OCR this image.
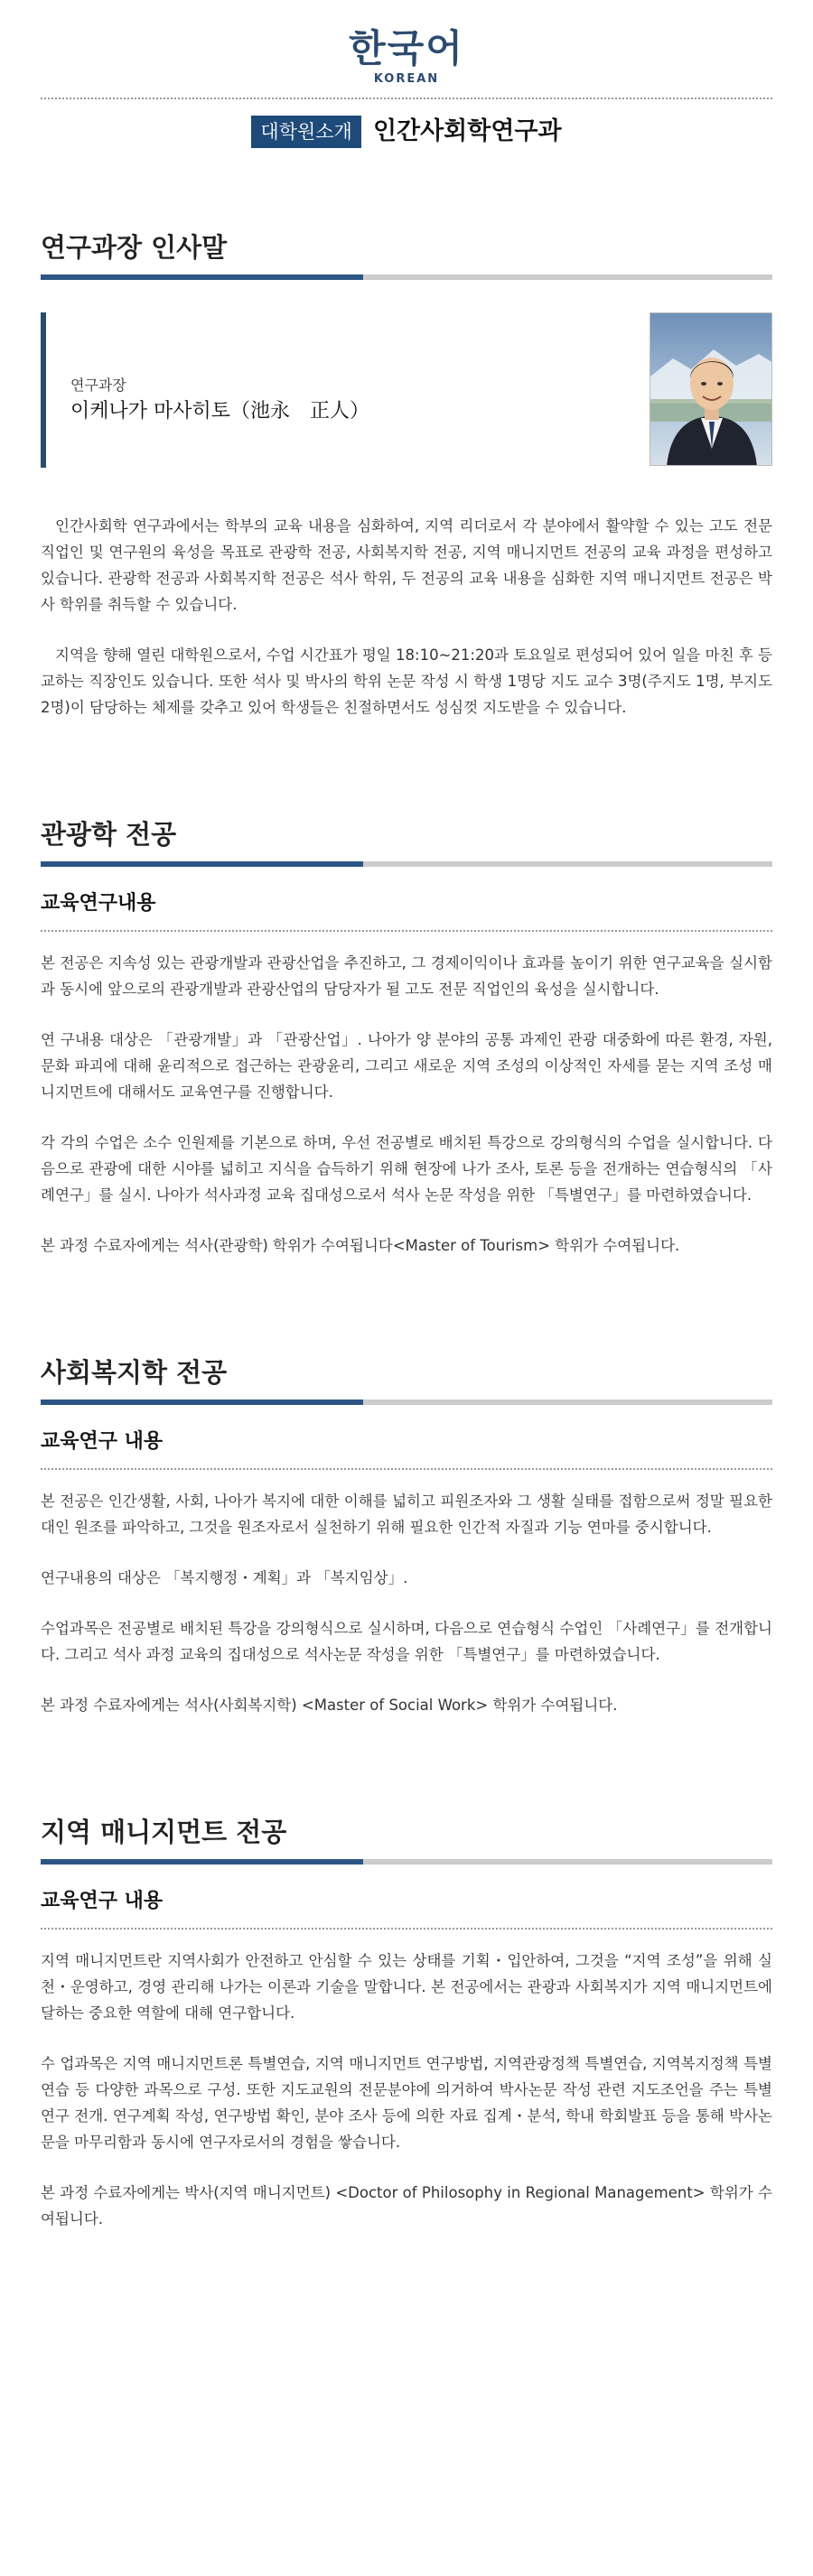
한국어
KOREAN
대학원소개 인간사회학연구과
연구과장 인사말
연구과장
이케나가 마사히토（池永　正人）

인간사회학 연구과에서는 학부의 교육 내용을 심화하여, 지역 리더로서 각 분야에서 활약할 수 있는 고도 전문 직업인 및 연구원의 육성을 목표로 관광학 전공, 사회복지학 전공, 지역 매니지먼트 전공의 교육 과정을 편성하고 있습니다. 관광학 전공과 사회복지학 전공은 석사 학위, 두 전공의 교육 내용을 심화한 지역 매니지먼트 전공은 박사 학위를 취득할 수 있습니다.

지역을 향해 열린 대학원으로서, 수업 시간표가 평일 18:10~21:20과 토요일로 편성되어 있어 일을 마친 후 등교하는 직장인도 있습니다. 또한 석사 및 박사의 학위 논문 작성 시 학생 1명당 지도 교수 3명(주지도 1명, 부지도 2명)이 담당하는 체제를 갖추고 있어 학생들은 친절하면서도 성심껏 지도받을 수 있습니다.

관광학 전공
교육연구내용

본 전공은 지속성 있는 관광개발과 관광산업을 추진하고, 그 경제이익이나 효과를 높이기 위한 연구교육을 실시함과 동시에 앞으로의 관광개발과 관광산업의 담당자가 될 고도 전문 직업인의 육성을 실시합니다.

연 구내용 대상은 「관광개발」과 「관광산업」. 나아가 양 분야의 공통 과제인 관광 대중화에 따른 환경, 자원, 문화 파괴에 대해 윤리적으로 접근하는 관광윤리, 그리고 새로운 지역 조성의 이상적인 자세를 묻는 지역 조성 매니지먼트에 대해서도 교육연구를 진행합니다.

각 각의 수업은 소수 인원제를 기본으로 하며, 우선 전공별로 배치된 특강으로 강의형식의 수업을 실시합니다. 다음으로 관광에 대한 시야를 넓히고 지식을 습득하기 위해 현장에 나가 조사, 토론 등을 전개하는 연습형식의 「사례연구」를 실시. 나아가 석사과정 교육 집대성으로서 석사 논문 작성을 위한 「특별연구」를 마련하였습니다.

본 과정 수료자에게는 석사(관광학) 학위가 수여됩니다<Master of Tourism> 학위가 수여됩니다.

사회복지학 전공
교육연구 내용

본 전공은 인간생활, 사회, 나아가 복지에 대한 이해를 넓히고 피원조자와 그 생활 실태를 접함으로써 정말 필요한 대인 원조를 파악하고, 그것을 원조자로서 실천하기 위해 필요한 인간적 자질과 기능 연마를 중시합니다.

연구내용의 대상은 「복지행정・계획」과 「복지임상」.

수업과목은 전공별로 배치된 특강을 강의형식으로 실시하며, 다음으로 연습형식 수업인 「사례연구」를 전개합니다. 그리고 석사 과정 교육의 집대성으로 석사논문 작성을 위한 「특별연구」를 마련하였습니다.

본 과정 수료자에게는 석사(사회복지학) <Master of Social Work> 학위가 수여됩니다.

지역 매니지먼트 전공
교육연구 내용

지역 매니지먼트란 지역사회가 안전하고 안심할 수 있는 상태를 기획・입안하여, 그것을 “지역 조성”을 위해 실천・운영하고, 경영 관리해 나가는 이론과 기술을 말합니다. 본 전공에서는 관광과 사회복지가 지역 매니지먼트에 달하는 중요한 역할에 대해 연구합니다.

수 업과목은 지역 매니지먼트론 특별연습, 지역 매니지먼트 연구방법, 지역관광정책 특별연습, 지역복지정책 특별연습 등 다양한 과목으로 구성. 또한 지도교원의 전문분야에 의거하여 박사논문 작성 관련 지도조언을 주는 특별연구 전개. 연구계획 작성, 연구방법 확인, 분야 조사 등에 의한 자료 집계・분석, 학내 학회발표 등을 통해 박사논문을 마무리함과 동시에 연구자로서의 경험을 쌓습니다.

본 과정 수료자에게는 박사(지역 매니지먼트) <Doctor of Philosophy in Regional Management> 학위가 수여됩니다.
